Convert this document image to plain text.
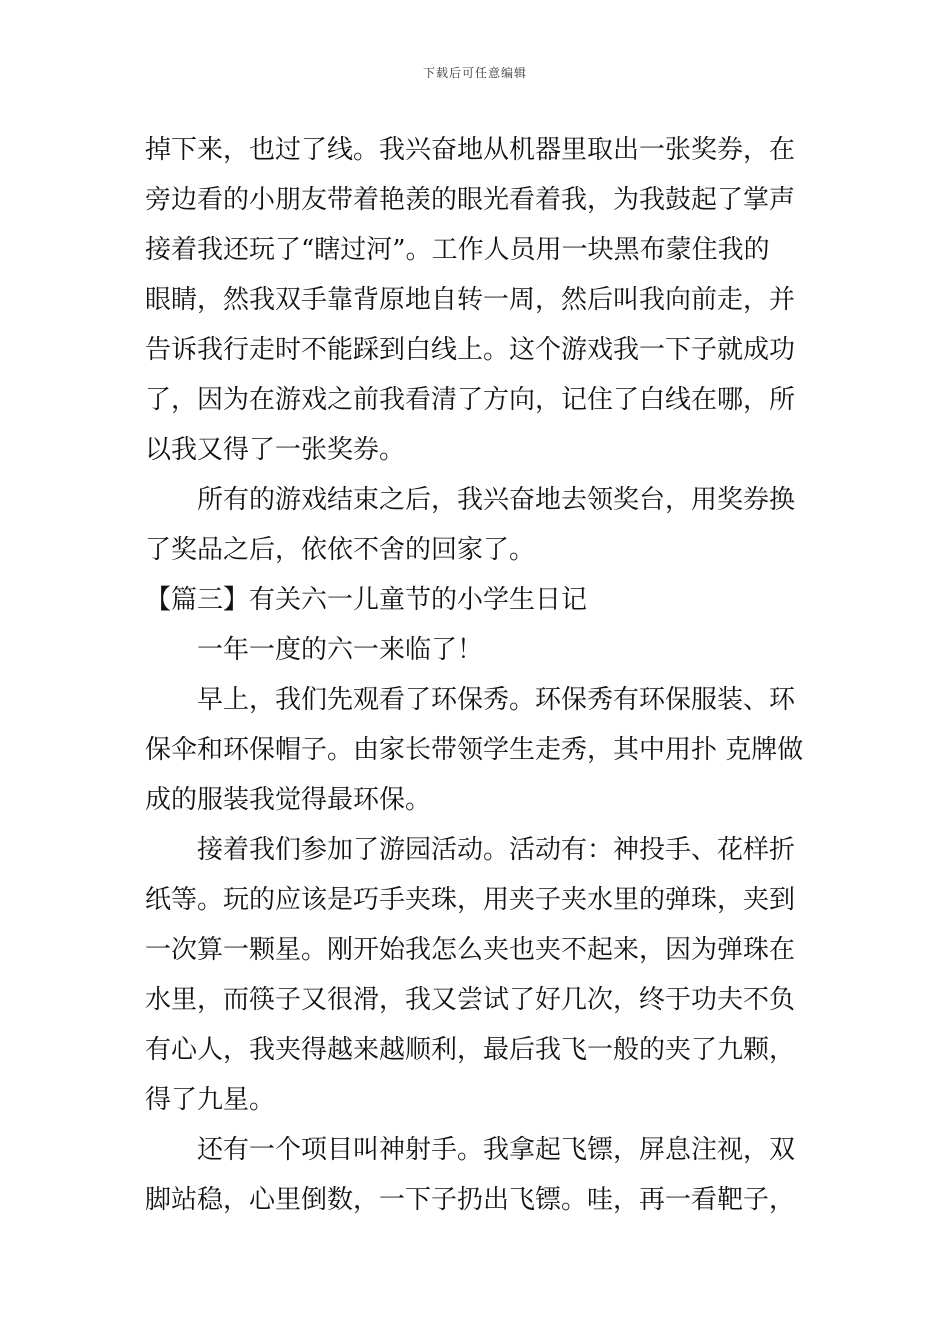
下载后可任意编辑
掉下来，也过了线。我兴奋地从机器里取出一张奖券，在
旁边看的小朋友带着艳羡的眼光看着我，为我鼓起了掌声
接着我还玩了“瞎过河”。工作人员用一块黑布蒙住我的
眼睛，然我双手靠背原地自转一周，然后叫我向前走，并
告诉我行走时不能踩到白线上。这个游戏我一下子就成功
了，因为在游戏之前我看清了方向，记住了白线在哪，所
以我又得了一张奖券。
所有的游戏结束之后，我兴奋地去领奖台，用奖券换
了奖品之后，依依不舍的回家了。
【篇三】有关六一儿童节的小学生日记
一年一度的六一来临了！
早上，我们先观看了环保秀。环保秀有环保服装、环
保伞和环保帽子。由家长带领学生走秀，其中用扑 克牌做
成的服装我觉得最环保。
接着我们参加了游园活动。活动有：神投手、花样折
纸等。玩的应该是巧手夹珠，用夹子夹水里的弹珠，夹到
一次算一颗星。刚开始我怎么夹也夹不起来，因为弹珠在
水里，而筷子又很滑，我又尝试了好几次，终于功夫不负
有心人，我夹得越来越顺利，最后我飞一般的夹了九颗，
得了九星。
还有一个项目叫神射手。我拿起飞镖，屏息注视，双
脚站稳，心里倒数，一下子扔出飞镖。哇，再一看靶子，
